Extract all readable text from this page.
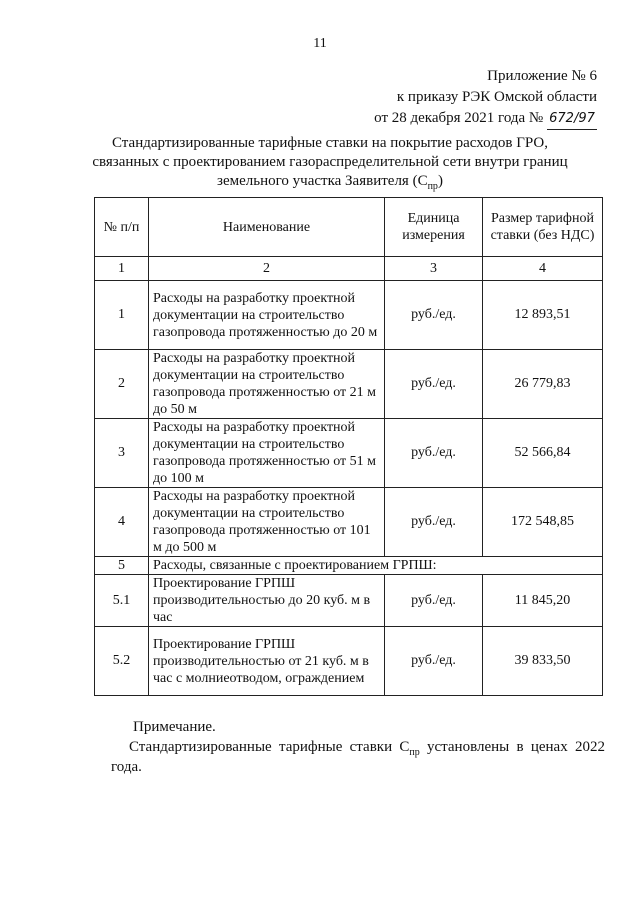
11
Приложение № 6
к приказу РЭК Омской области
от 28 декабря 2021 года № 672/97
Стандартизированные тарифные ставки на покрытие расходов ГРО,
связанных с проектированием газораспределительной сети внутри границ
земельного участка Заявителя $(С_{пр})$
№ п/п	Наименование	Единица измерения	Размер тарифной ставки (без НДС)
1	2	3	4
1	Расходы на разработку проектной документации на строительство газопровода протяженностью до 20 м	руб./ед.	12 893,51
2	Расходы на разработку проектной документации на строительство газопровода протяженностью от 21 м до 50 м	руб./ед.	26 779,83
3	Расходы на разработку проектной документации на строительство газопровода протяженностью от 51 м до 100 м	руб./ед.	52 566,84
4	Расходы на разработку проектной документации на строительство газопровода протяженностью от 101 м до 500 м	руб./ед.	172 548,85
5	Расходы, связанные с проектированием ГРПШ:		
5.1	Проектирование ГРПШ производительностью до 20 куб. м в час	руб./ед.	11 845,20
5.2	Проектирование ГРПШ производительностью от 21 куб. м в час с молниеотводом, ограждением	руб./ед.	39 833,50
Примечание.
Стандартизированные тарифные ставки $С_{пр}$ установлены в ценах 2022 года.
